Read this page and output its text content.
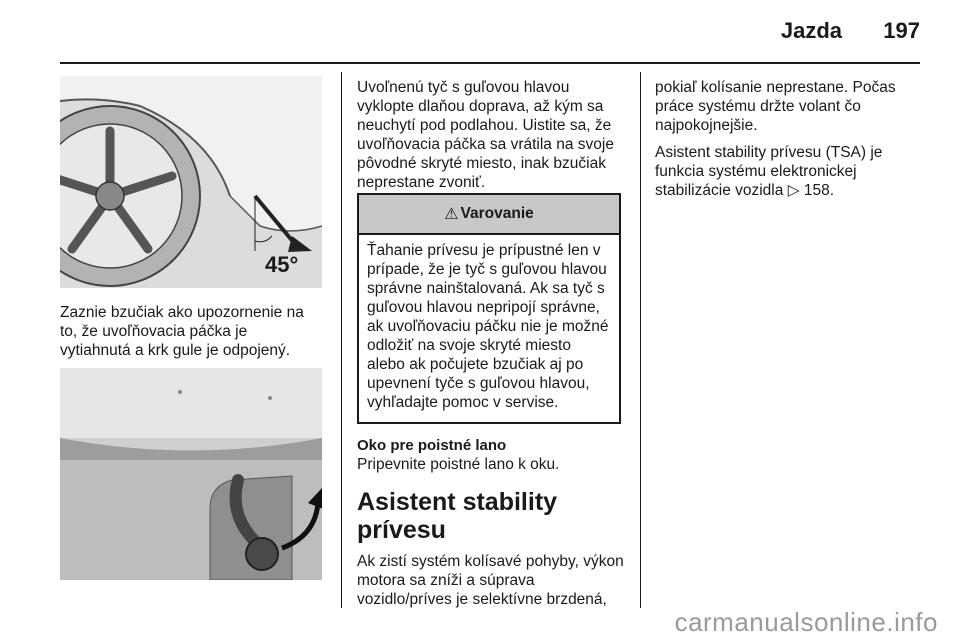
Jazda 197
45°

Zaznie bzučiak ako upozornenie na to, že uvoľňovacia páčka je vytiahnutá a krk gule je odpojený.

Uvoľnenú tyč s guľovou hlavou vyklopte dlaňou doprava, až kým sa neuchytí pod podlahou. Uistite sa, že uvoľňovacia páčka sa vrátila na svoje pôvodné skryté miesto, inak bzučiak neprestane zvoniť.

⚠ Varovanie
Ťahanie prívesu je prípustné len v prípade, že je tyč s guľovou hlavou správne nainštalovaná. Ak sa tyč s guľovou hlavou nepripojí správne, ak uvoľňovaciu páčku nie je možné odložiť na svoje skryté miesto alebo ak počujete bzučiak aj po upevnení tyče s guľovou hlavou, vyhľadajte pomoc v servise.
Oko pre poistné lano

Pripevnite poistné lano k oku.

Asistent stability prívesu

Ak zistí systém kolísavé pohyby, výkon motora sa zníži a súprava vozidlo/príves je selektívne brzdená,

pokiaľ kolísanie neprestane. Počas práce systému držte volant čo najpokojnejšie.

Asistent stability prívesu (TSA) je funkcia systému elektronickej stabilizácie vozidla ▷ 158.

carmanualsonline.info
